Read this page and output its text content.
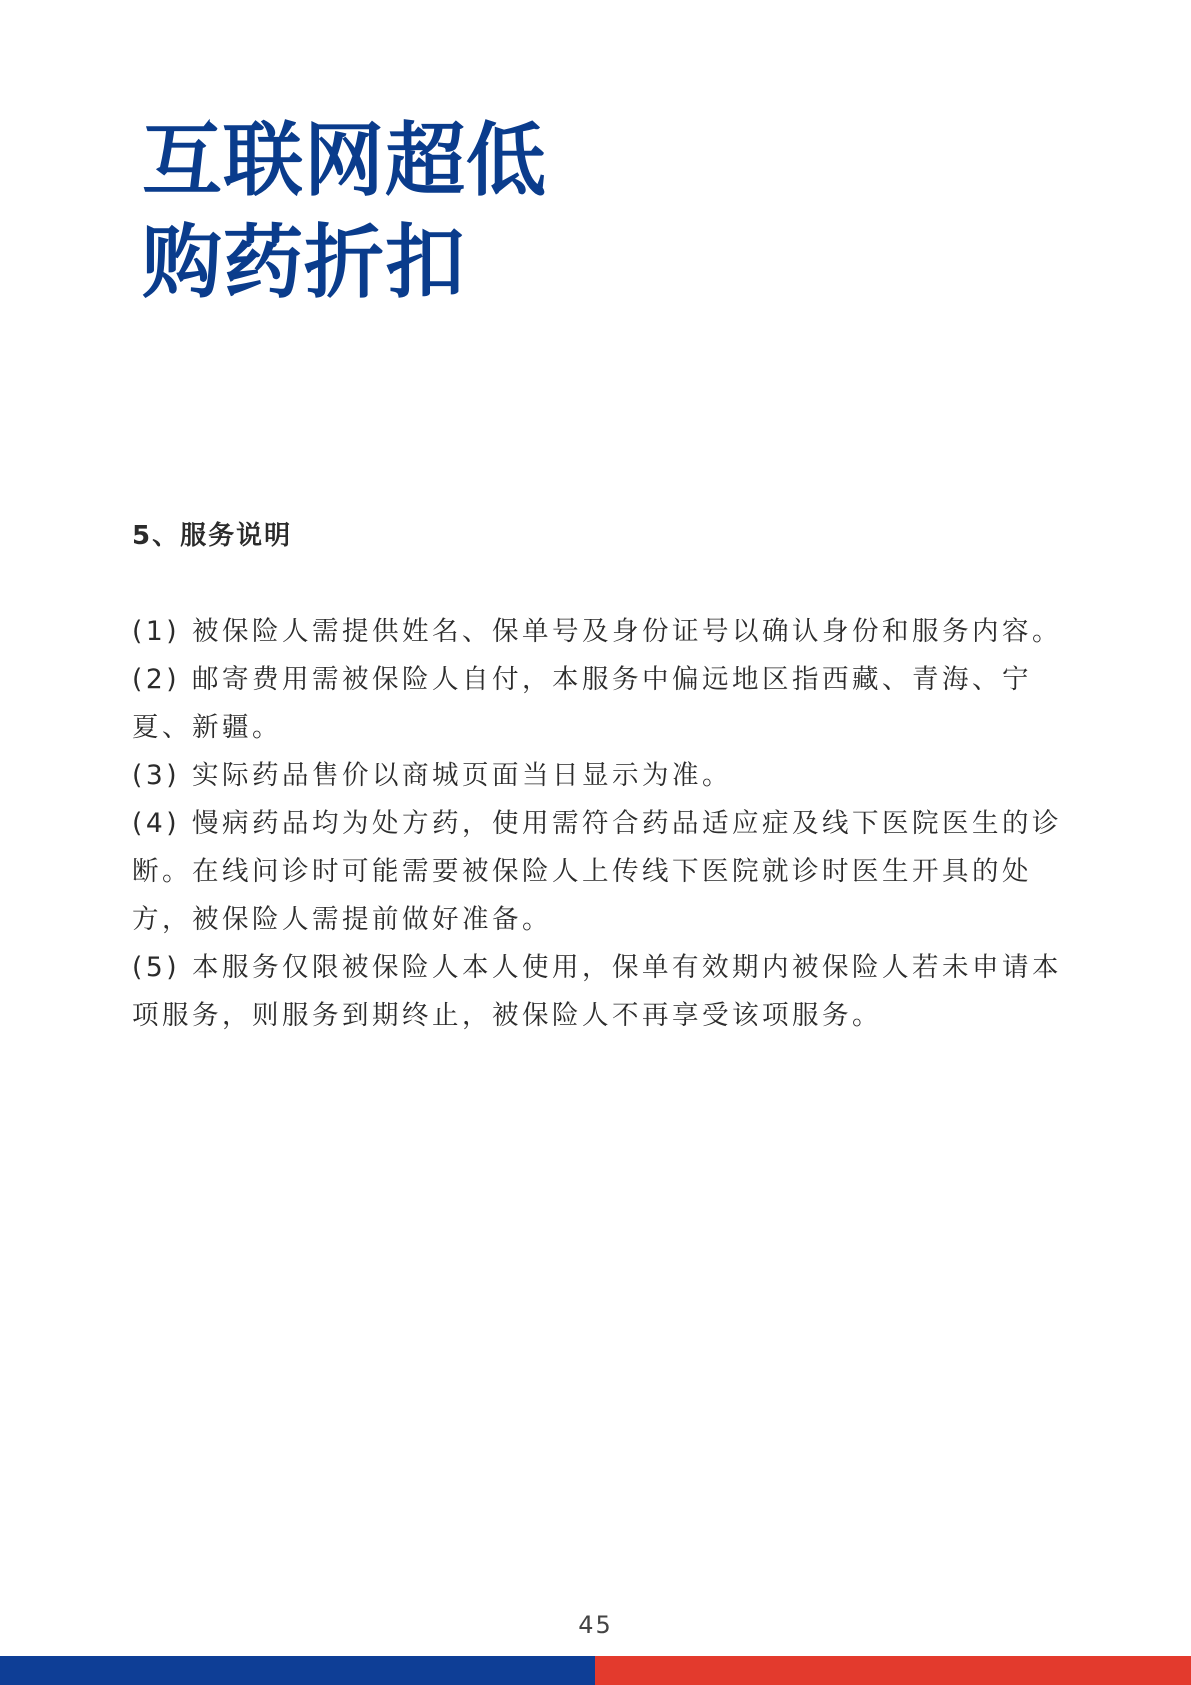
互联网超低
购药折扣
5、服务说明
(1) 被保险人需提供姓名、保单号及身份证号以确认身份和服务内容。
(2) 邮寄费用需被保险人自付，本服务中偏远地区指西藏、青海、宁夏、新疆。
(3) 实际药品售价以商城页面当日显示为准。
(4) 慢病药品均为处方药，使用需符合药品适应症及线下医院医生的诊断。在线问诊时可能需要被保险人上传线下医院就诊时医生开具的处方，被保险人需提前做好准备。
(5) 本服务仅限被保险人本人使用，保单有效期内被保险人若未申请本项服务，则服务到期终止，被保险人不再享受该项服务。
45
